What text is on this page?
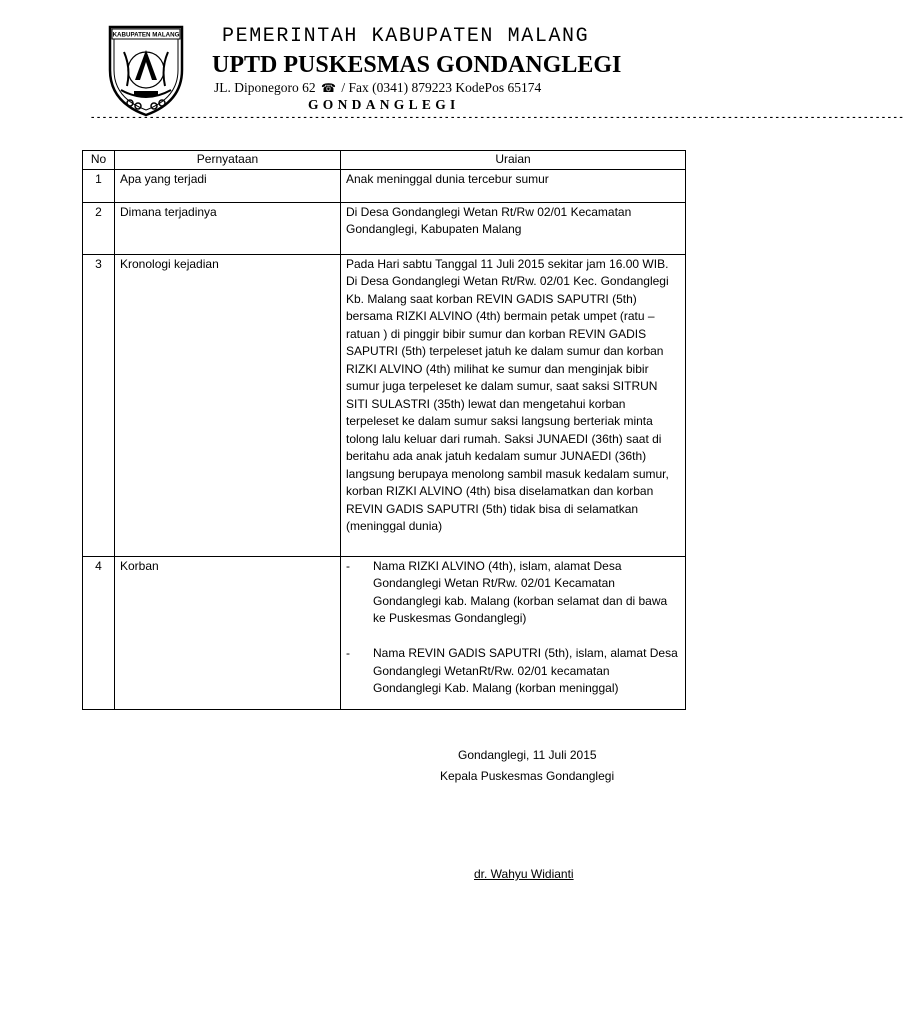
KABUPATEN MALANG PEMERINTAH KABUPATEN MALANG
UPTD PUSKESMAS GONDANGLEGI
JL. Diponegoro 62 ☎ / Fax (0341) 879223 KodePos 65174
GONDANGLEGI
------------------------------------------------------------------------------------------------------------------------------------------
No	Pernyataan	Uraian
1	Apa yang terjadi	Anak meninggal dunia tercebur sumur
2	Dimana terjadinya	Di Desa Gondanglegi Wetan Rt/Rw 02/01 Kecamatan Gondanglegi, Kabupaten Malang
3	Kronologi kejadian	Pada Hari sabtu Tanggal 11 Juli 2015 sekitar jam 16.00 WIB. Di Desa Gondanglegi Wetan Rt/Rw. 02/01 Kec. Gondanglegi Kb. Malang saat korban REVIN GADIS SAPUTRI (5th) bersama RIZKI ALVINO (4th) bermain petak umpet (ratu – ratuan ) di pinggir bibir sumur dan korban REVIN GADIS SAPUTRI (5th) terpeleset jatuh ke dalam sumur dan korban RIZKI ALVINO (4th) milihat ke sumur dan menginjak bibir sumur juga terpeleset ke dalam sumur, saat saksi SITRUN SITI SULASTRI (35th) lewat dan mengetahui korban terpeleset ke dalam sumur saksi langsung berteriak minta tolong lalu keluar dari rumah. Saksi JUNAEDI (36th) saat di beritahu ada anak jatuh kedalam sumur JUNAEDI (36th) langsung berupaya menolong sambil masuk kedalam sumur, korban RIZKI ALVINO (4th) bisa diselamatkan dan korban REVIN GADIS SAPUTRI (5th) tidak bisa di selamatkan (meninggal dunia)
4	Korban	- Nama RIZKI ALVINO (4th), islam, alamat Desa Gondanglegi Wetan Rt/Rw. 02/01 Kecamatan Gondanglegi kab. Malang (korban selamat dan di bawa ke Puskesmas Gondanglegi)
- Nama REVIN GADIS SAPUTRI (5th), islam, alamat Desa Gondanglegi WetanRt/Rw. 02/01 kecamatan Gondanglegi Kab. Malang (korban meninggal)
Gondanglegi, 11 Juli 2015
Kepala Puskesmas Gondanglegi
dr. Wahyu Widianti
